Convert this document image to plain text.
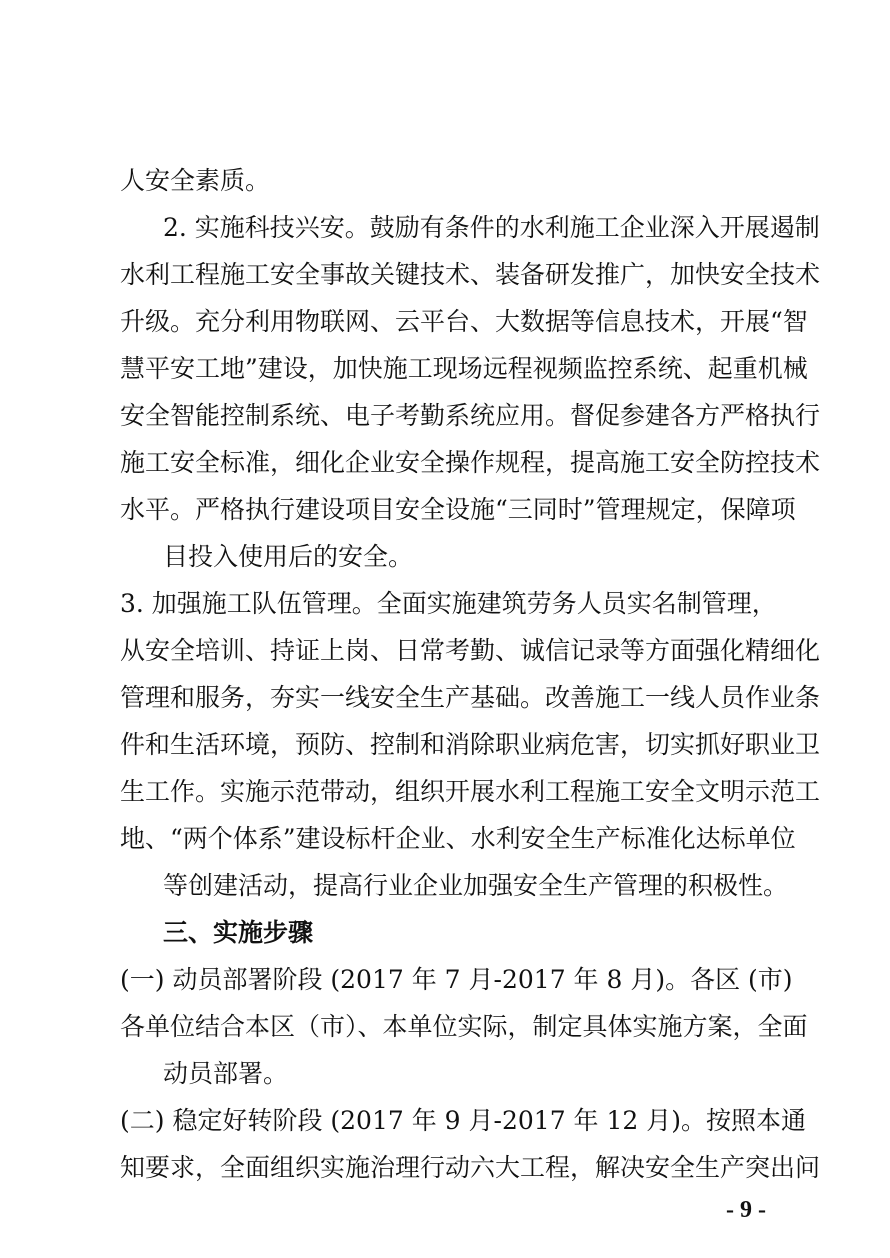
人安全素质。
2. 实施科技兴安。鼓励有条件的水利施工企业深入开展遏制
水利工程施工安全事故关键技术、装备研发推广，加快安全技术
升级。充分利用物联网、云平台、大数据等信息技术，开展“智
慧平安工地”建设，加快施工现场远程视频监控系统、起重机械
安全智能控制系统、电子考勤系统应用。督促参建各方严格执行
施工安全标准，细化企业安全操作规程，提高施工安全防控技术
水平。严格执行建设项目安全设施“三同时”管理规定，保障项
目投入使用后的安全。
3. 加强施工队伍管理。全面实施建筑劳务人员实名制管理，
从安全培训、持证上岗、日常考勤、诚信记录等方面强化精细化
管理和服务，夯实一线安全生产基础。改善施工一线人员作业条
件和生活环境，预防、控制和消除职业病危害，切实抓好职业卫
生工作。实施示范带动，组织开展水利工程施工安全文明示范工
地、“两个体系”建设标杆企业、水利安全生产标准化达标单位
等创建活动，提高行业企业加强安全生产管理的积极性。
三、实施步骤
(一) 动员部署阶段 (2017 年 7 月-2017 年 8 月)。各区 (市)
各单位结合本区（市）、本单位实际，制定具体实施方案，全面
动员部署。
(二) 稳定好转阶段 (2017 年 9 月-2017 年 12 月)。按照本通
知要求，全面组织实施治理行动六大工程，解决安全生产突出问
- 9 -
